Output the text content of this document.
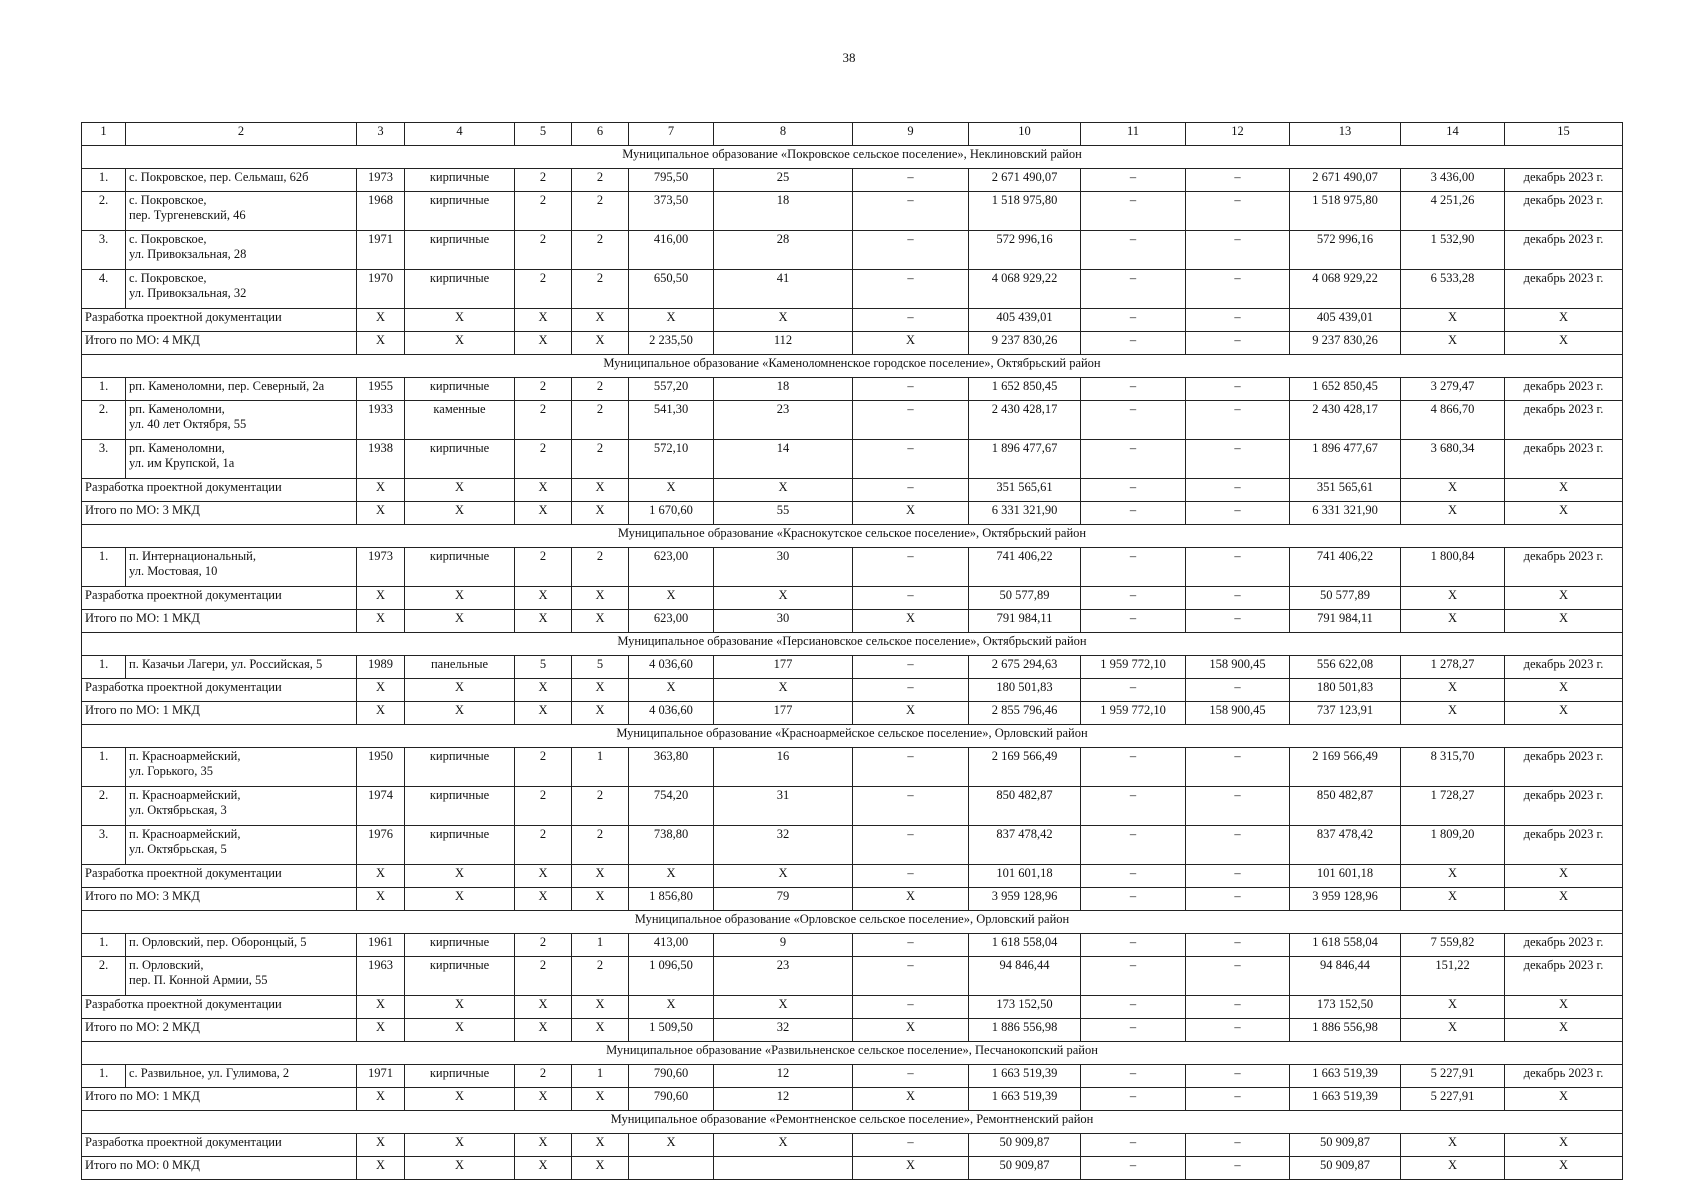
38
1	2	3	4	5	6	7	8	9	10	11	12	13	14	15
Муниципальное образование «Покровское сельское поселение», Неклиновский район														
1.	с. Покровское, пер. Сельмаш, 62б	1973	кирпичные	2	2	795,50	25	–	2 671 490,07	–	–	2 671 490,07	3 436,00	декабрь 2023 г.
2.	с. Покровское,
пер. Тургеневский, 46	1968	кирпичные	2	2	373,50	18	–	1 518 975,80	–	–	1 518 975,80	4 251,26	декабрь 2023 г.
3.	с. Покровское,
ул. Привокзальная, 28	1971	кирпичные	2	2	416,00	28	–	572 996,16	–	–	572 996,16	1 532,90	декабрь 2023 г.
4.	с. Покровское,
ул. Привокзальная, 32	1970	кирпичные	2	2	650,50	41	–	4 068 929,22	–	–	4 068 929,22	6 533,28	декабрь 2023 г.
Разработка проектной документации		X	X	X	X	X	X	–	405 439,01	–	–	405 439,01	X	X
Итого по МО: 4 МКД		X	X	X	X	2 235,50	112	X	9 237 830,26	–	–	9 237 830,26	X	X
Муниципальное образование «Каменоломненское городское поселение», Октябрьский район														
1.	рп. Каменоломни, пер. Северный, 2а	1955	кирпичные	2	2	557,20	18	–	1 652 850,45	–	–	1 652 850,45	3 279,47	декабрь 2023 г.
2.	рп. Каменоломни,
ул. 40 лет Октября, 55	1933	каменные	2	2	541,30	23	–	2 430 428,17	–	–	2 430 428,17	4 866,70	декабрь 2023 г.
3.	рп. Каменоломни,
ул. им Крупской, 1а	1938	кирпичные	2	2	572,10	14	–	1 896 477,67	–	–	1 896 477,67	3 680,34	декабрь 2023 г.
Разработка проектной документации		X	X	X	X	X	X	–	351 565,61	–	–	351 565,61	X	X
Итого по МО: 3 МКД		X	X	X	X	1 670,60	55	X	6 331 321,90	–	–	6 331 321,90	X	X
Муниципальное образование «Краснокутское сельское поселение», Октябрьский район														
1.	п. Интернациональный,
ул. Мостовая, 10	1973	кирпичные	2	2	623,00	30	–	741 406,22	–	–	741 406,22	1 800,84	декабрь 2023 г.
Разработка проектной документации		X	X	X	X	X	X	–	50 577,89	–	–	50 577,89	X	X
Итого по МО: 1 МКД		X	X	X	X	623,00	30	X	791 984,11	–	–	791 984,11	X	X
Муниципальное образование «Персиановское сельское поселение», Октябрьский район														
1.	п. Казачьи Лагери, ул. Российская, 5	1989	панельные	5	5	4 036,60	177	–	2 675 294,63	1 959 772,10	158 900,45	556 622,08	1 278,27	декабрь 2023 г.
Разработка проектной документации		X	X	X	X	X	X	–	180 501,83	–	–	180 501,83	X	X
Итого по МО: 1 МКД		X	X	X	X	4 036,60	177	X	2 855 796,46	1 959 772,10	158 900,45	737 123,91	X	X
Муниципальное образование «Красноармейское сельское поселение», Орловский район														
1.	п. Красноармейский,
ул. Горького, 35	1950	кирпичные	2	1	363,80	16	–	2 169 566,49	–	–	2 169 566,49	8 315,70	декабрь 2023 г.
2.	п. Красноармейский,
ул. Октябрьская, 3	1974	кирпичные	2	2	754,20	31	–	850 482,87	–	–	850 482,87	1 728,27	декабрь 2023 г.
3.	п. Красноармейский,
ул. Октябрьская, 5	1976	кирпичные	2	2	738,80	32	–	837 478,42	–	–	837 478,42	1 809,20	декабрь 2023 г.
Разработка проектной документации		X	X	X	X	X	X	–	101 601,18	–	–	101 601,18	X	X
Итого по МО: 3 МКД		X	X	X	X	1 856,80	79	X	3 959 128,96	–	–	3 959 128,96	X	X
Муниципальное образование «Орловское сельское поселение», Орловский район														
1.	п. Орловский, пер. Оборонцый, 5	1961	кирпичные	2	1	413,00	9	–	1 618 558,04	–	–	1 618 558,04	7 559,82	декабрь 2023 г.
2.	п. Орловский,
пер. П. Конной Армии, 55	1963	кирпичные	2	2	1 096,50	23	–	94 846,44	–	–	94 846,44	151,22	декабрь 2023 г.
Разработка проектной документации		X	X	X	X	X	X	–	173 152,50	–	–	173 152,50	X	X
Итого по МО: 2 МКД		X	X	X	X	1 509,50	32	X	1 886 556,98	–	–	1 886 556,98	X	X
Муниципальное образование «Развильненское сельское поселение», Песчанокопский район														
1.	с. Развильное, ул. Гулимова, 2	1971	кирпичные	2	1	790,60	12	–	1 663 519,39	–	–	1 663 519,39	5 227,91	декабрь 2023 г.
Итого по МО: 1 МКД		X	X	X	X	790,60	12	X	1 663 519,39	–	–	1 663 519,39	5 227,91	X
Муниципальное образование «Ремонтненское сельское поселение», Ремонтненский район														
Разработка проектной документации		X	X	X	X	X	X	–	50 909,87	–	–	50 909,87	X	X
Итого по МО: 0 МКД		X	X	X	X			X	50 909,87	–	–	50 909,87	X	X
